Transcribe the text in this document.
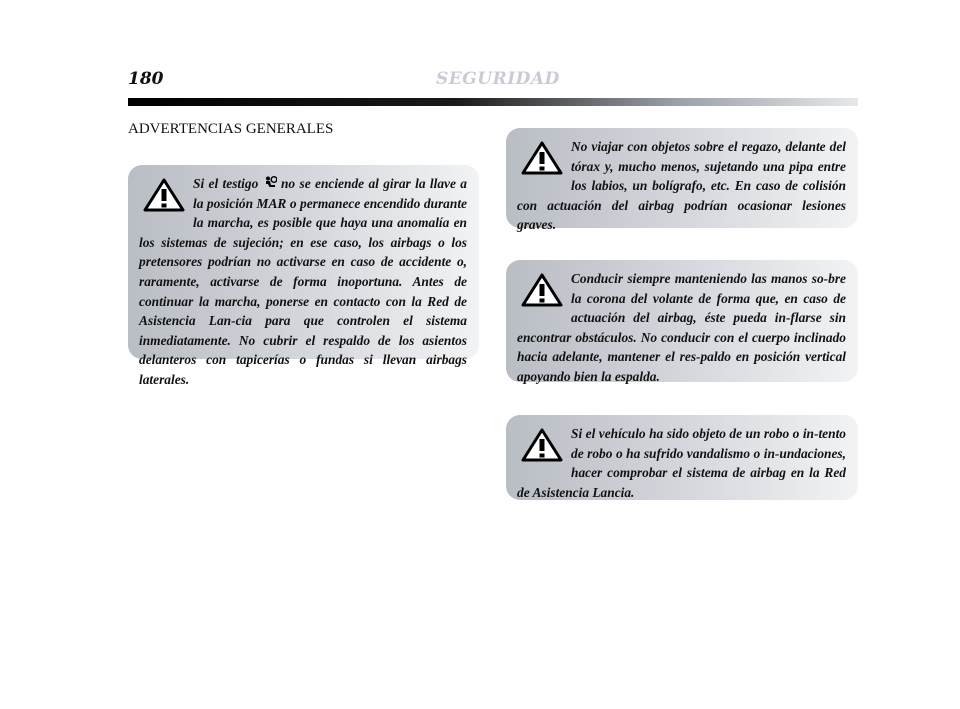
180	SEGURIDAD
ADVERTENCIAS GENERALES

Si el testigo  no se enciende al girar la llave a la posición MAR o permanece encendido durante la marcha, es posible que haya una anomalía en los sistemas de sujeción; en ese caso, los airbags o los pretensores podrían no activarse en caso de accidente o, raramente, activarse de forma inoportuna. Antes de continuar la marcha, ponerse en contacto con la Red de Asistencia Lan-cia para que controlen el sistema inmediatamente. No cubrir el respaldo de los asientos delanteros con tapicerías o fundas si llevan airbags laterales.

No viajar con objetos sobre el regazo, delante del tórax y, mucho menos, sujetando una pipa entre los labios, un bolígrafo, etc. En caso de colisión con actuación del airbag podrían ocasionar lesiones graves.

Conducir siempre manteniendo las manos so-bre la corona del volante de forma que, en caso de actuación del airbag, éste pueda in-flarse sin encontrar obstáculos. No conducir con el cuerpo inclinado hacia adelante, mantener el res-paldo en posición vertical apoyando bien la espalda.

Si el vehículo ha sido objeto de un robo o in-tento de robo o ha sufrido vandalismo o in-undaciones, hacer comprobar el sistema de airbag en la Red de Asistencia Lancia.
